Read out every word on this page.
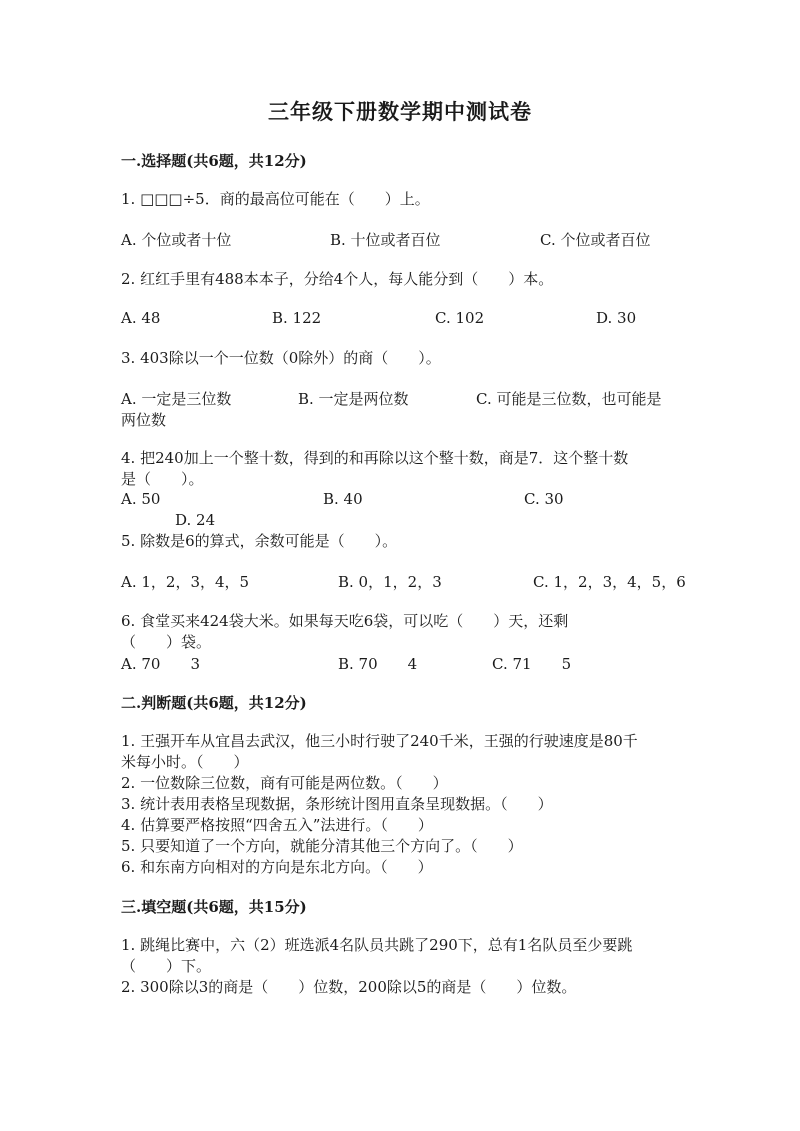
三年级下册数学期中测试卷
一.选择题(共6题，共12分)
1. □□□÷5．商的最高位可能在（　　）上。
A. 个位或者十位	B. 十位或者百位	C. 个位或者百位
2. 红红手里有488本本子，分给4个人，每人能分到（　　）本。
A. 48	B. 122	C. 102	D. 30
3. 403除以一个一位数（0除外）的商（　　）。
A. 一定是三位数	B. 一定是两位数	C. 可能是三位数，也可能是
两位数
4. 把240加上一个整十数，得到的和再除以这个整十数，商是7．这个整十数
是（　　）。
A. 50	B. 40	C. 30
D. 24
5. 除数是6的算式，余数可能是（　　）。
A. 1，2，3，4，5	B. 0，1，2，3	C. 1，2，3，4，5，6
6. 食堂买来424袋大米。如果每天吃6袋，可以吃（　　）天，还剩
（　　）袋。
A. 70　　3	B. 70　　4	C. 71　　5
二.判断题(共6题，共12分)
1. 王强开车从宜昌去武汉，他三小时行驶了240千米，王强的行驶速度是80千
米每小时。（　　）
2. 一位数除三位数，商有可能是两位数。（　　）
3. 统计表用表格呈现数据，条形统计图用直条呈现数据。（　　）
4. 估算要严格按照“四舍五入”法进行。（　　）
5. 只要知道了一个方向，就能分清其他三个方向了。（　　）
6. 和东南方向相对的方向是东北方向。（　　）
三.填空题(共6题，共15分)
1. 跳绳比赛中，六（2）班选派4名队员共跳了290下，总有1名队员至少要跳
（　　）下。
2. 300除以3的商是（　　）位数，200除以5的商是（　　）位数。
